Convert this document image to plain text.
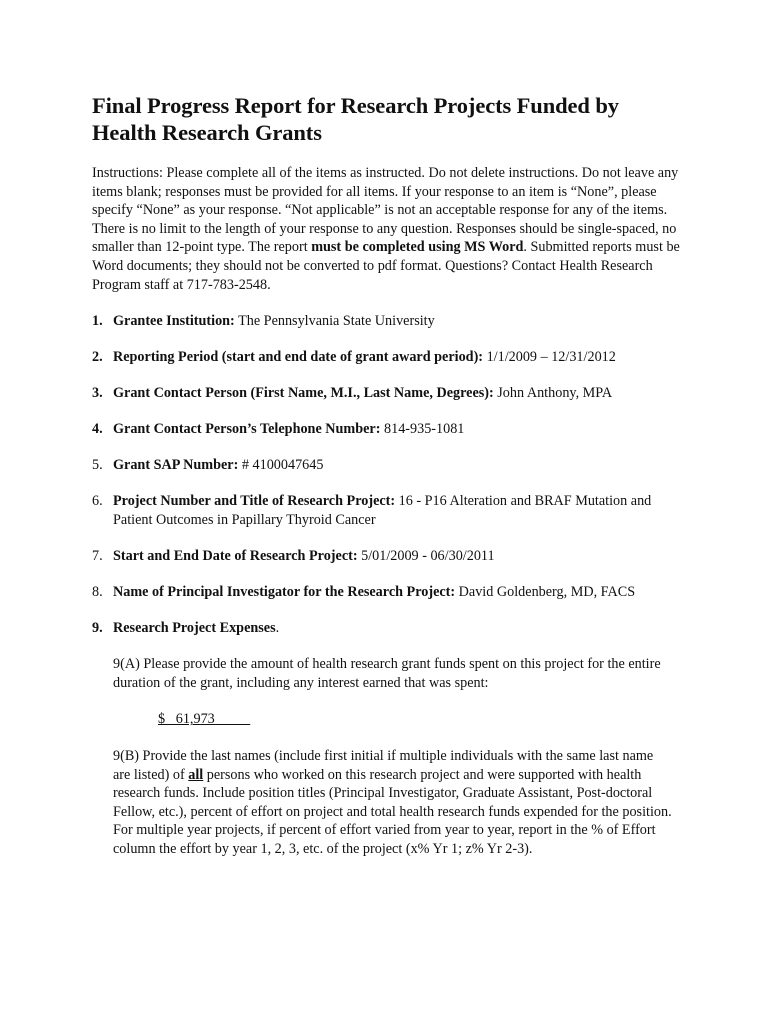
Final Progress Report for Research Projects Funded by
Health Research Grants

Instructions: Please complete all of the items as instructed. Do not delete instructions. Do not leave any items blank; responses must be provided for all items. If your response to an item is “None”, please specify “None” as your response. “Not applicable” is not an acceptable response for any of the items. There is no limit to the length of your response to any question. Responses should be single-spaced, no smaller than 12-point type. The report must be completed using MS Word. Submitted reports must be Word documents; they should not be converted to pdf format. Questions? Contact Health Research Program staff at 717-783-2548.

1. Grantee Institution: The Pennsylvania State University
2. Reporting Period (start and end date of grant award period): 1/1/2009 – 12/31/2012
3. Grant Contact Person (First Name, M.I., Last Name, Degrees): John Anthony, MPA
4. Grant Contact Person’s Telephone Number: 814-935-1081
5. Grant SAP Number: # 4100047645
6. Project Number and Title of Research Project: 16 - P16 Alteration and BRAF Mutation and Patient Outcomes in Papillary Thyroid Cancer
7. Start and End Date of Research Project: 5/01/2009 - 06/30/2011
8. Name of Principal Investigator for the Research Project: David Goldenberg, MD, FACS
9. Research Project Expenses.

9(A) Please provide the amount of health research grant funds spent on this project for the entire duration of the grant, including any interest earned that was spent:

$   61,973

9(B) Provide the last names (include first initial if multiple individuals with the same last name are listed) of all persons who worked on this research project and were supported with health research funds. Include position titles (Principal Investigator, Graduate Assistant, Post-doctoral Fellow, etc.), percent of effort on project and total health research funds expended for the position. For multiple year projects, if percent of effort varied from year to year, report in the % of Effort column the effort by year 1, 2, 3, etc. of the project (x% Yr 1; z% Yr 2-3).
